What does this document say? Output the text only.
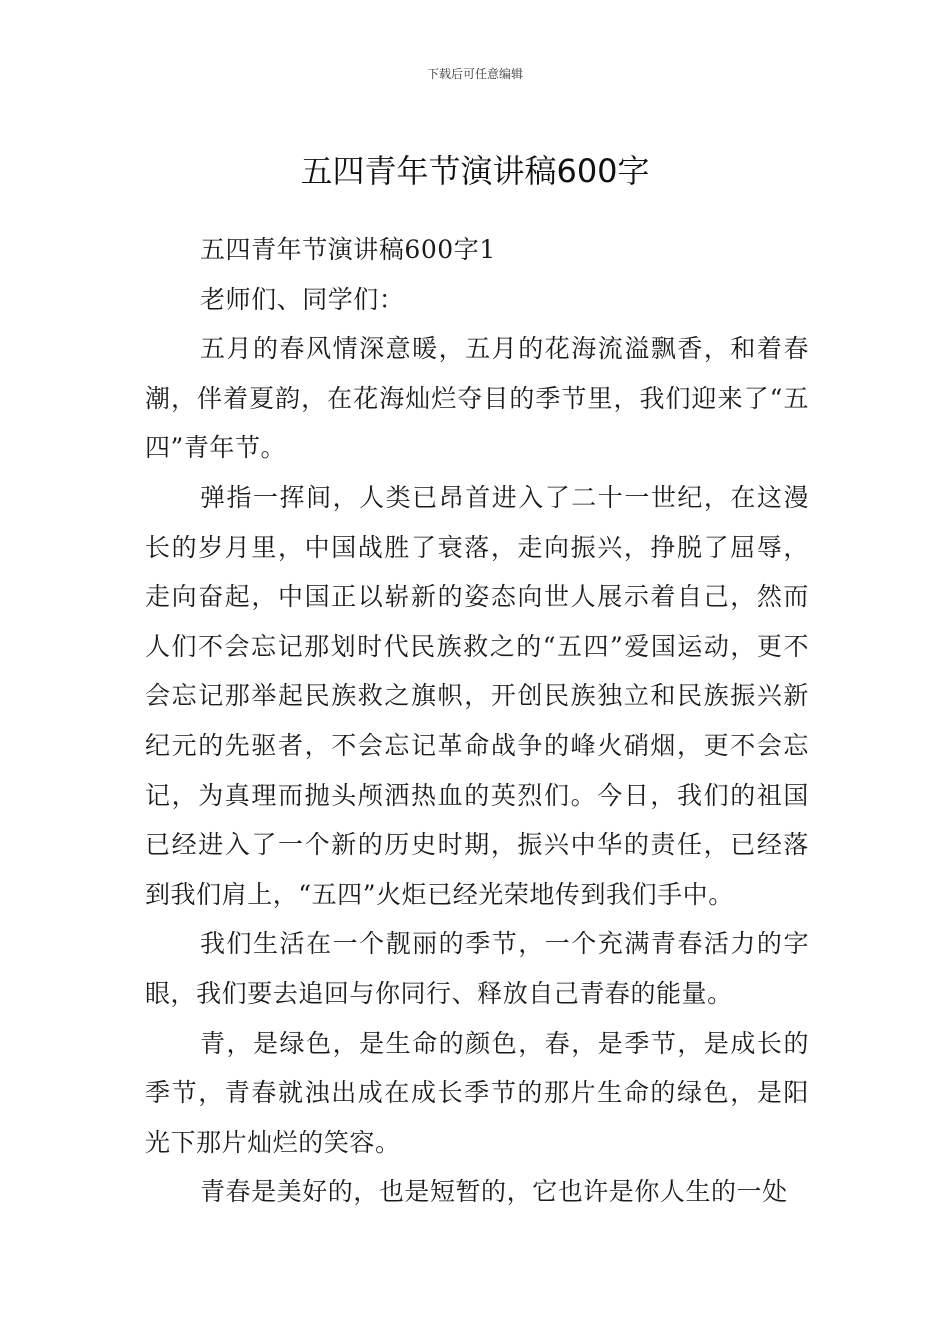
下载后可任意编辑
五四青年节演讲稿600字

五四青年节演讲稿600字1

老师们、同学们：

五月的春风情深意暖，五月的花海流溢飘香，和着春潮，伴着夏韵，在花海灿烂夺目的季节里，我们迎来了“五四”青年节。

弹指一挥间，人类已昂首进入了二十一世纪，在这漫长的岁月里，中国战胜了衰落，走向振兴，挣脱了屈辱，走向奋起，中国正以崭新的姿态向世人展示着自己，然而人们不会忘记那划时代民族救之的“五四”爱国运动，更不会忘记那举起民族救之旗帜，开创民族独立和民族振兴新纪元的先驱者，不会忘记革命战争的峰火硝烟，更不会忘记，为真理而抛头颅洒热血的英烈们。今日，我们的祖国已经进入了一个新的历史时期，振兴中华的责任，已经落到我们肩上，“五四”火炬已经光荣地传到我们手中。

我们生活在一个靓丽的季节，一个充满青春活力的字眼，我们要去追回与你同行、释放自己青春的能量。

青，是绿色，是生命的颜色，春，是季节，是成长的季节，青春就浊出成在成长季节的那片生命的绿色，是阳光下那片灿烂的笑容。

青春是美好的，也是短暂的，它也许是你人生的一处
